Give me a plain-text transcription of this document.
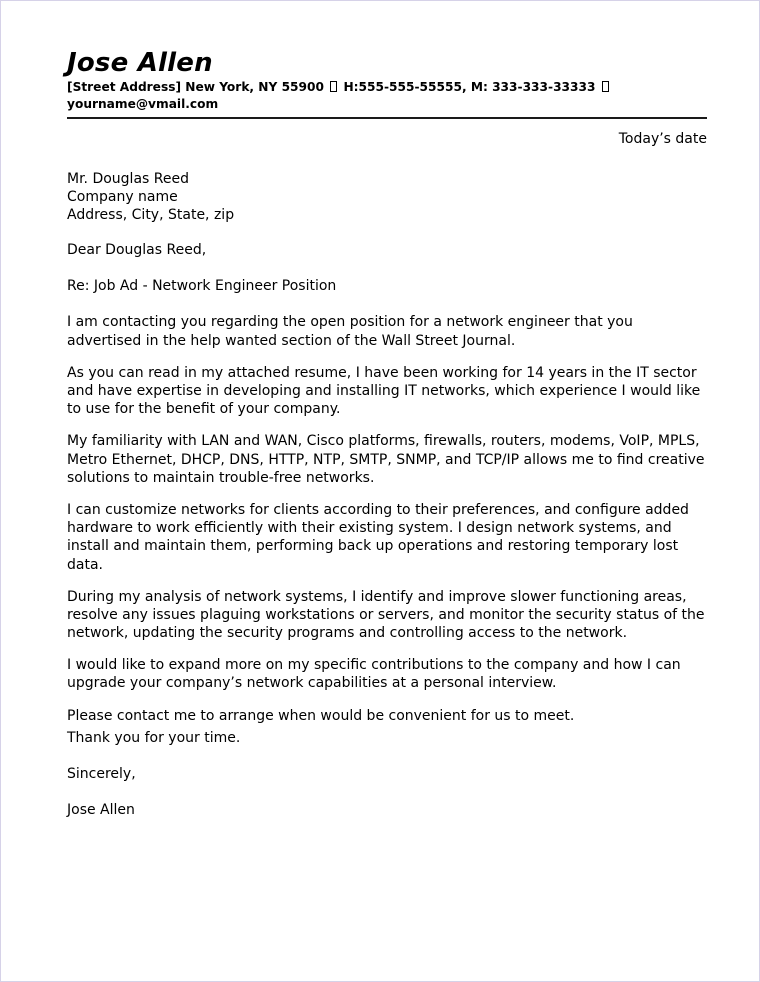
Jose Allen
[Street Address] New York, NY 55900 H:555-555-55555, M: 333-333-33333
yourname@vmail.com
Today’s date
Mr. Douglas Reed
Company name
Address, City, State, zip
Dear Douglas Reed,
Re: Job Ad - Network Engineer Position

I am contacting you regarding the open position for a network engineer that you advertised in the help wanted section of the Wall Street Journal.

As you can read in my attached resume, I have been working for 14 years in the IT sector and have expertise in developing and installing IT networks, which experience I would like to use for the benefit of your company.

My familiarity with LAN and WAN, Cisco platforms, firewalls, routers, modems, VoIP, MPLS, Metro Ethernet, DHCP, DNS, HTTP, NTP, SMTP, SNMP, and TCP/IP allows me to find creative solutions to maintain trouble-free networks.

I can customize networks for clients according to their preferences, and configure added hardware to work efficiently with their existing system. I design network systems, and install and maintain them, performing back up operations and restoring temporary lost data.

During my analysis of network systems, I identify and improve slower functioning areas, resolve any issues plaguing workstations or servers, and monitor the security status of the network, updating the security programs and controlling access to the network.

I would like to expand more on my specific contributions to the company and how I can upgrade your company’s network capabilities at a personal interview.

Please contact me to arrange when would be convenient for us to meet.

Thank you for your time.
Sincerely,
Jose Allen
